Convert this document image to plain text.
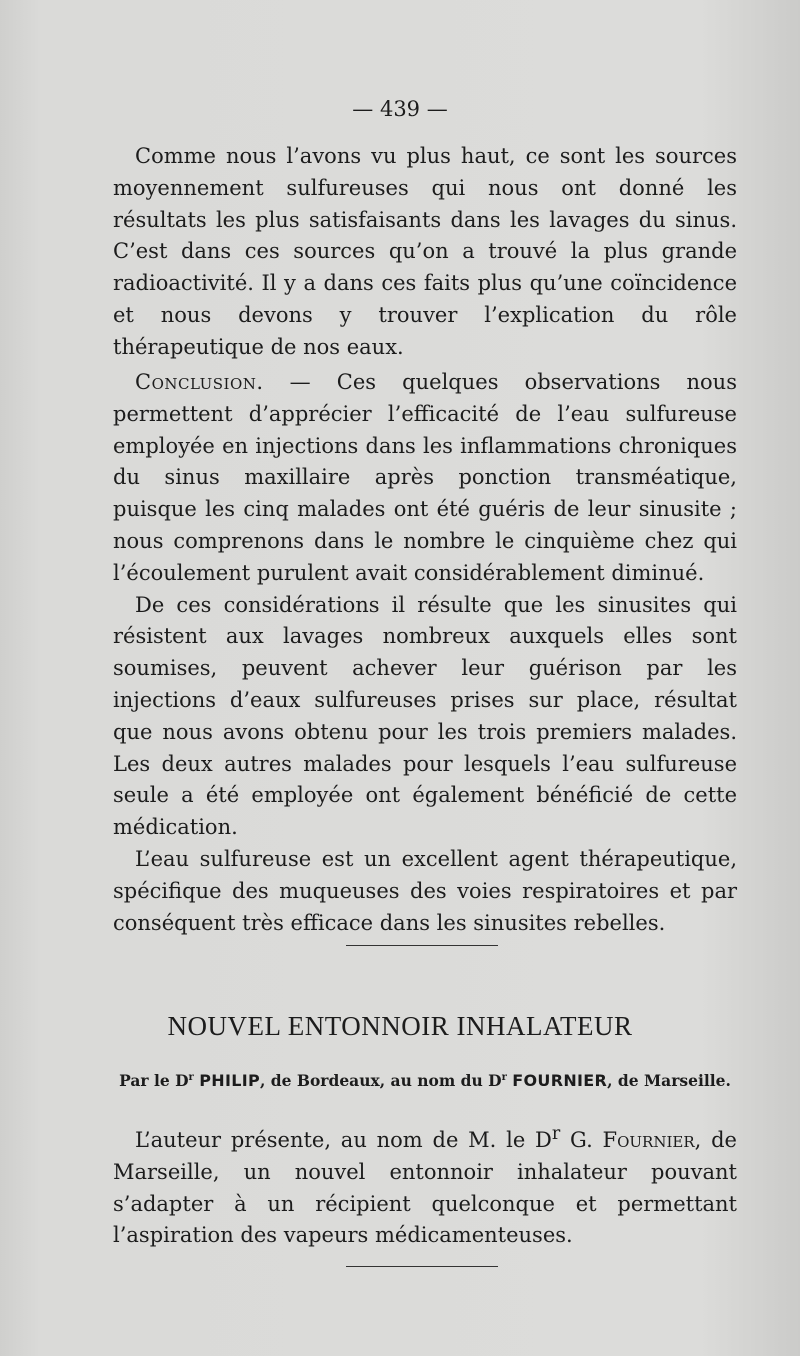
— 439 —

Comme nous l’avons vu plus haut, ce sont les sources moyennement sulfureuses qui nous ont donné les résultats les plus satisfaisants dans les lavages du sinus. C’est dans ces sources qu’on a trouvé la plus grande radioactivité. Il y a dans ces faits plus qu’une coïncidence et nous devons y trouver l’explication du rôle thérapeutique de nos eaux.

Conclusion. — Ces quelques observations nous permettent d’apprécier l’efficacité de l’eau sulfureuse employée en injections dans les inflammations chroniques du sinus maxillaire après ponction transméatique, puisque les cinq malades ont été guéris de leur sinusite ; nous comprenons dans le nombre le cinquième chez qui l’écoulement purulent avait considérablement diminué.

De ces considérations il résulte que les sinusites qui résistent aux lavages nombreux auxquels elles sont soumises, peuvent achever leur guérison par les injections d’eaux sulfureuses prises sur place, résultat que nous avons obtenu pour les trois premiers malades. Les deux autres malades pour lesquels l’eau sulfureuse seule a été employée ont également bénéficié de cette médication.

L’eau sulfureuse est un excellent agent thérapeutique, spécifique des muqueuses des voies respiratoires et par conséquent très efficace dans les sinusites rebelles.

NOUVEL ENTONNOIR INHALATEUR
Par le $D^r$ PHILIP, de Bordeaux, au nom du $D^r$ FOURNIER, de Marseille.

L’auteur présente, au nom de M. le $D^r$ G. Fournier, de Marseille, un nouvel entonnoir inhalateur pouvant s’adapter à un récipient quelconque et permettant l’aspiration des vapeurs médicamenteuses.
